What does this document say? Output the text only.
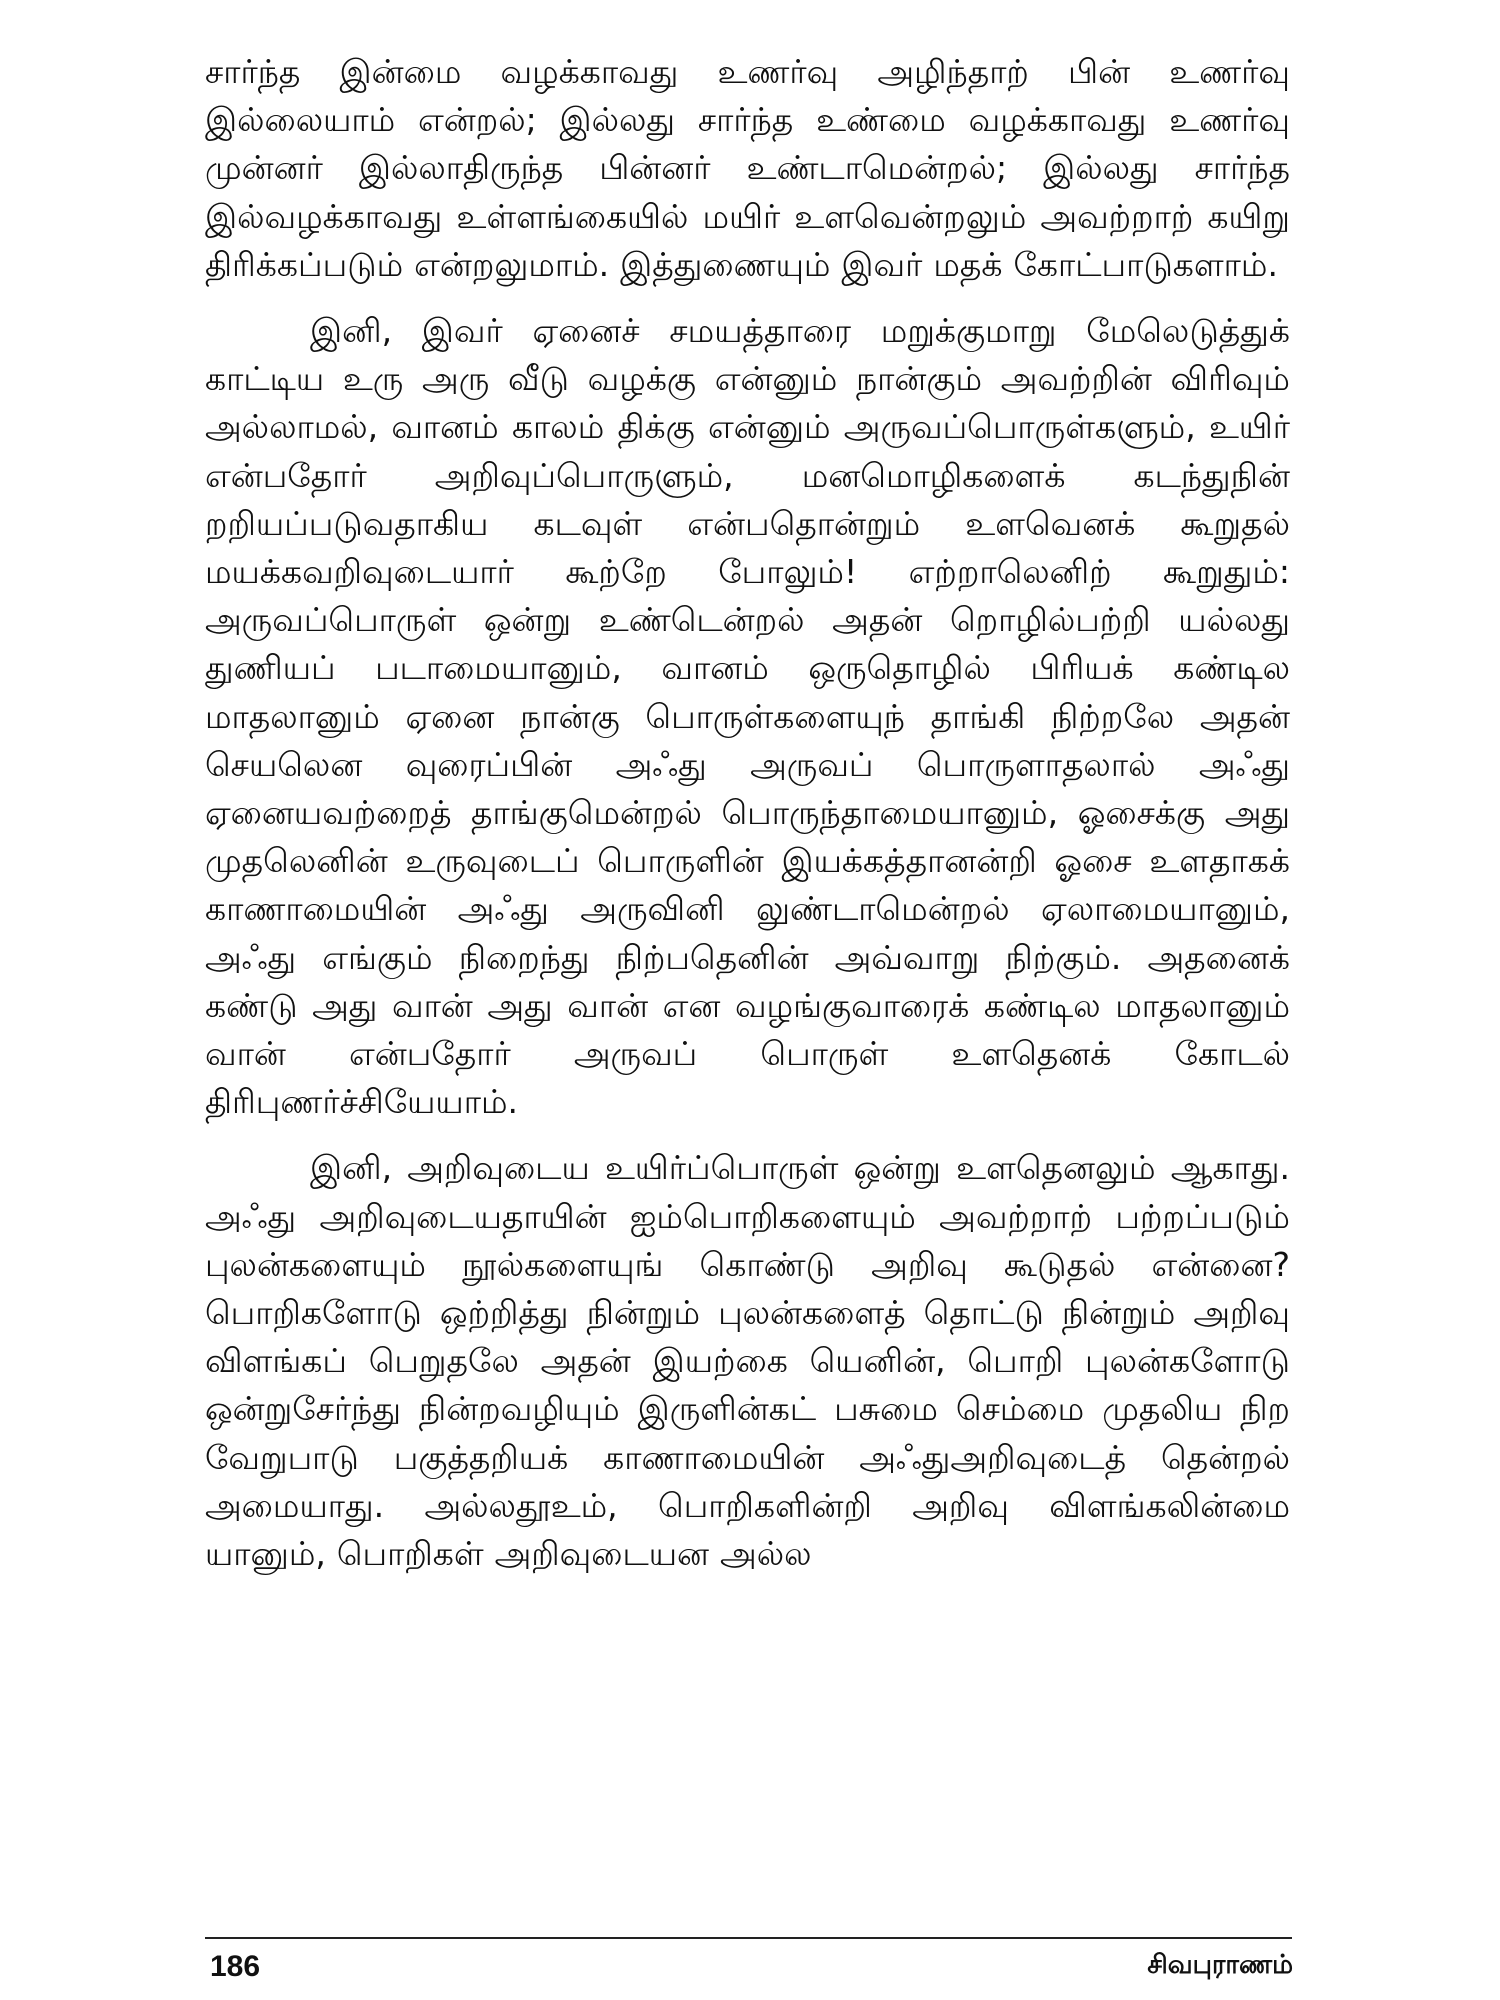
சார்ந்த இன்மை வழக்காவது உணர்வு அழிந்தாற் பின் உணர்வு இல்லையாம் என்றல்; இல்லது சார்ந்த உண்மை வழக்காவது உணர்வு முன்னர் இல்லாதிருந்த பின்னர் உண்டாமென்றல்; இல்லது சார்ந்த இல்வழக்காவது உள்ளங்கையில் மயிர் உளவென்றலும் அவற்றாற் கயிறு திரிக்கப்படும் என்றலுமாம். இத்துணையும் இவர் மதக் கோட்பாடுகளாம்.

இனி, இவர் ஏனைச் சமயத்தாரை மறுக்குமாறு மேலெடுத்துக் காட்டிய உரு அரு வீடு வழக்கு என்னும் நான்கும் அவற்றின் விரிவும் அல்லாமல், வானம் காலம் திக்கு என்னும் அருவப்பொருள்களும், உயிர் என்பதோர் அறிவுப்பொருளும், மனமொழிகளைக் கடந்துநின் றறியப்படுவதாகிய கடவுள் என்பதொன்றும் உளவெனக் கூறுதல் மயக்கவறிவுடையார் கூற்றே போலும்! எற்றாலெனிற் கூறுதும்: அருவப்பொருள் ஒன்று உண்டென்றல் அதன் றொழில்பற்றி யல்லது துணியப் படாமையானும், வானம் ஒருதொழில் பிரியக் கண்டில மாதலானும் ஏனை நான்கு பொருள்களையுந் தாங்கி நிற்றலே அதன் செயலென வுரைப்பின் அஃது அருவப் பொருளாதலால் அஃது ஏனையவற்றைத் தாங்குமென்றல் பொருந்தாமையானும், ஓசைக்கு அது முதலெனின் உருவுடைப் பொருளின் இயக்கத்தானன்றி ஓசை உளதாகக் காணாமையின் அஃது அருவினி லுண்டாமென்றல் ஏலாமையானும், அஃது எங்கும் நிறைந்து நிற்பதெனின் அவ்வாறு நிற்கும். அதனைக் கண்டு அது வான் அது வான் என வழங்குவாரைக் கண்டில மாதலானும் வான் என்பதோர் அருவப் பொருள் உளதெனக் கோடல் திரிபுணர்ச்சியேயாம்.

இனி, அறிவுடைய உயிர்ப்பொருள் ஒன்று உளதெனலும் ஆகாது. அஃது அறிவுடையதாயின் ஐம்பொறிகளையும் அவற்றாற் பற்றப்படும் புலன்களையும் நூல்களையுங் கொண்டு அறிவு கூடுதல் என்னை? பொறிகளோடு ஒற்றித்து நின்றும் புலன்களைத் தொட்டு நின்றும் அறிவு விளங்கப் பெறுதலே அதன் இயற்கை யெனின், பொறி புலன்களோடு ஒன்றுசேர்ந்து நின்றவழியும் இருளின்கட் பசுமை செம்மை முதலிய நிற வேறுபாடு பகுத்தறியக் காணாமையின் அஃதுஅறிவுடைத் தென்றல் அமையாது. அல்லதூஉம், பொறிகளின்றி அறிவு விளங்கலின்மை யானும், பொறிகள் அறிவுடையன அல்ல

186	சிவபுராணம்
